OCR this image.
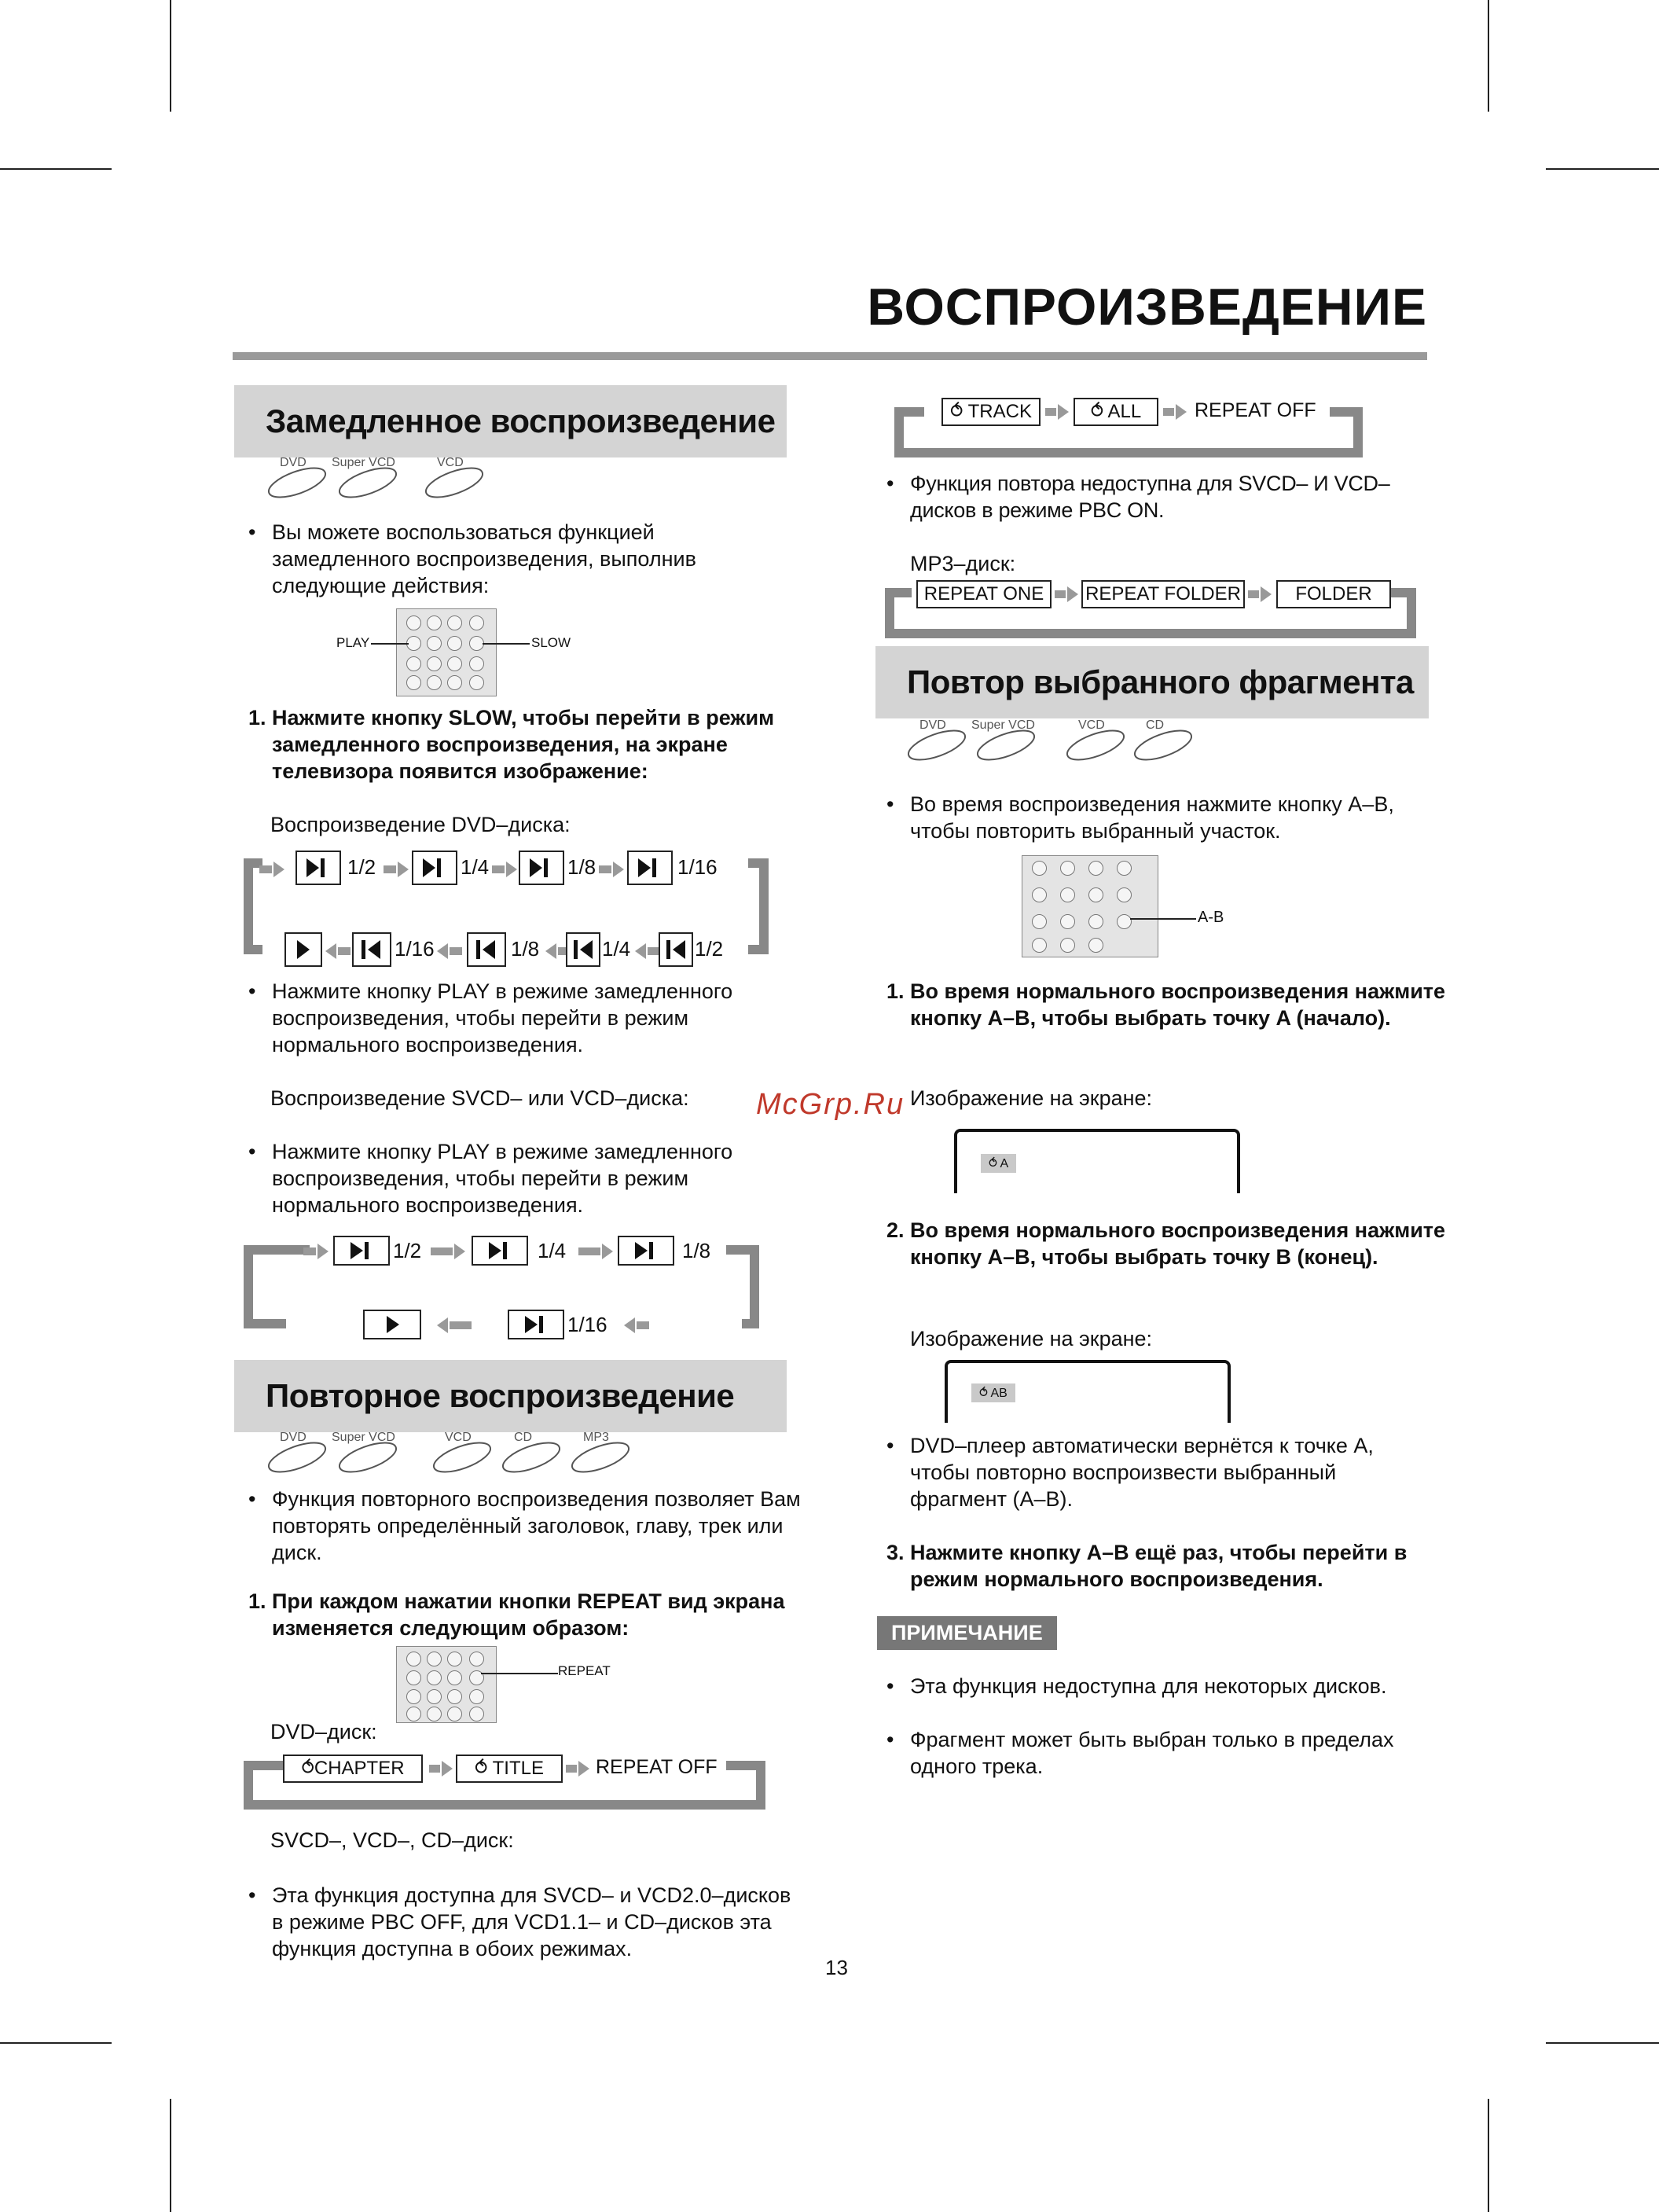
ВОСПРОИЗВЕДЕНИЕ
Замедленное воспроизведение
DVD Super VCD	VCD
• Вы можете воспользоваться функцией замедленного воспроизведения, выполнив следующие действия:
PLAY	SLOW
1. Нажмите кнопку SLOW, чтобы перейти в режим замедленного воспроизведения, на экране телевизора появится изображение:
Воспроизведение DVD–диска:
1/2	1/4	1/8	1/16
1/16	1/8	1/4	1/2
• Нажмите кнопку PLAY в режиме замедленного воспроизведения, чтобы перейти в режим нормального воспроизведения.
Воспроизведение SVCD– или VCD–диска:
• Нажмите кнопку PLAY в режиме замедленного воспроизведения, чтобы перейти в режим нормального воспроизведения.
1/2	1/4	1/8
1/16
Повторное воспроизведение
DVD Super VCD	VCD	CD	MP3
• Функция повторного воспроизведения позволяет Вам повторять определённый заголовок, главу, трек или диск.
1. При каждом нажатии кнопки REPEAT вид экрана изменяется следующим образом:
REPEAT
DVD–диск:
⥀CHAPTER	⥀ TITLE	REPEAT OFF
SVCD–, VCD–, CD–диск:
• Эта функция доступна для SVCD– и VCD2.0–дисков в режиме PBC OFF, для VCD1.1– и CD–дисков эта функция доступна в обоих режимах.
13
⥀ TRACK	⥀ ALL	REPEAT OFF
• Функция повтора недоступна для SVCD– И VCD–дисков в режиме PBC ON.
MP3–диск:
REPEAT ONE	REPEAT FOLDER	FOLDER
Повтор выбранного фрагмента
DVD Super VCD	VCD	CD
• Во время воспроизведения нажмите кнопку A–B, чтобы повторить выбранный участок.
A-B
1. Во время нормального воспроизведения нажмите кнопку A–B, чтобы выбрать точку A (начало).
McGrp.Ru Изображение на экране:
⥀ A
2. Во время нормального воспроизведения нажмите кнопку A–B, чтобы выбрать точку B (конец).
Изображение на экране:
⥀ AB
• DVD–плеер автоматически вернётся к точке A, чтобы повторно воспроизвести выбранный фрагмент (A–B).
3. Нажмите кнопку A–B ещё раз, чтобы перейти в режим нормального воспроизведения.
ПРИМЕЧАНИЕ
• Эта функция недоступна для некоторых дисков.
• Фрагмент может быть выбран только в пределах одного трека.
